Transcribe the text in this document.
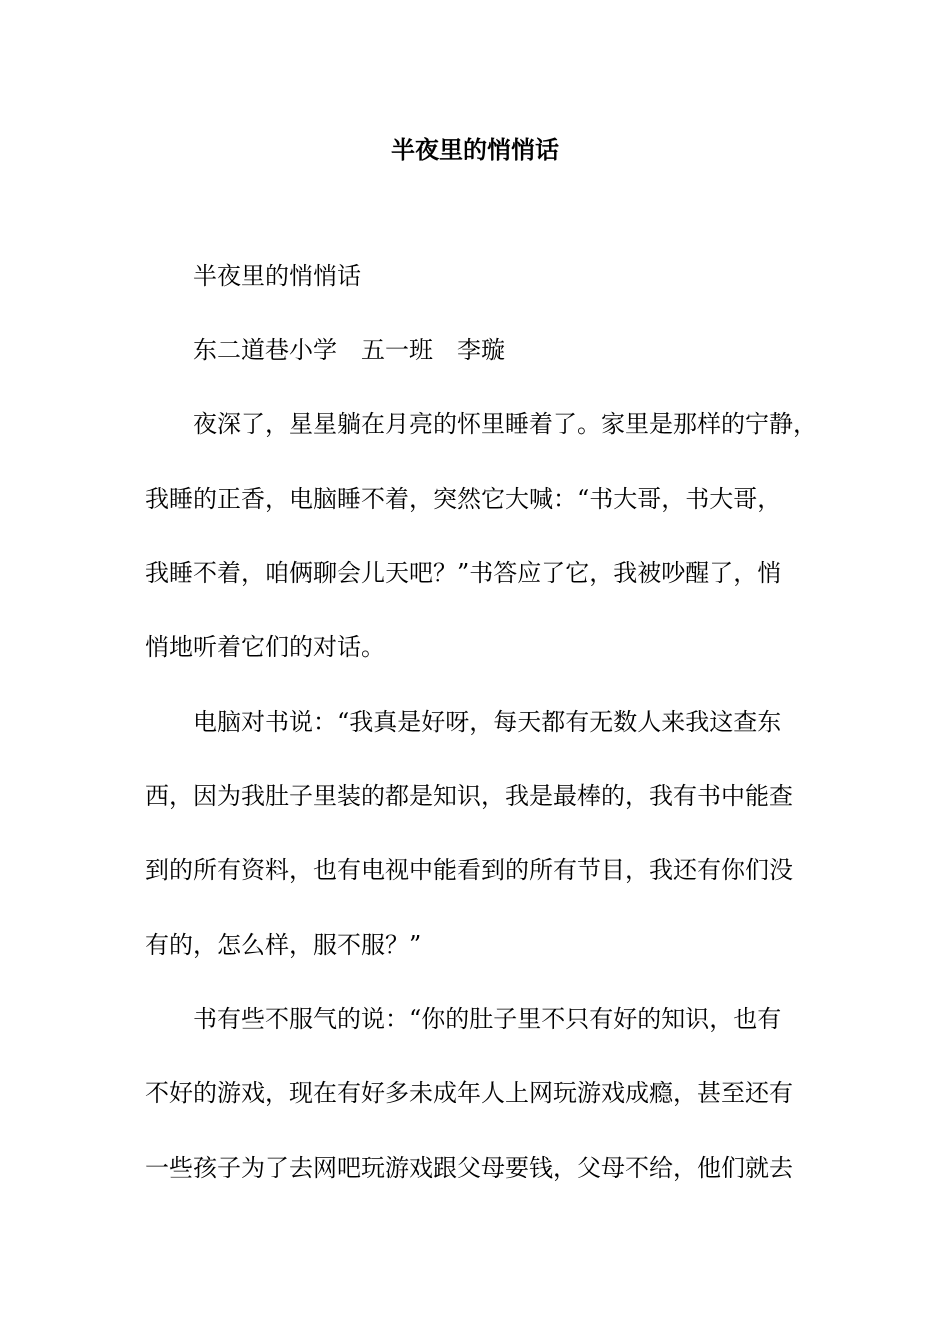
半夜里的悄悄话

半夜里的悄悄话

东二道巷小学　五一班　李璇

夜深了，星星躺在月亮的怀里睡着了。家里是那样的宁静，

我睡的正香，电脑睡不着，突然它大喊：“书大哥，书大哥，

我睡不着，咱俩聊会儿天吧？”书答应了它，我被吵醒了，悄

悄地听着它们的对话。

电脑对书说：“我真是好呀，每天都有无数人来我这查东

西，因为我肚子里装的都是知识，我是最棒的，我有书中能查

到的所有资料，也有电视中能看到的所有节目，我还有你们没

有的，怎么样，服不服？”

书有些不服气的说：“你的肚子里不只有好的知识，也有

不好的游戏，现在有好多未成年人上网玩游戏成瘾，甚至还有

一些孩子为了去网吧玩游戏跟父母要钱，父母不给，他们就去
